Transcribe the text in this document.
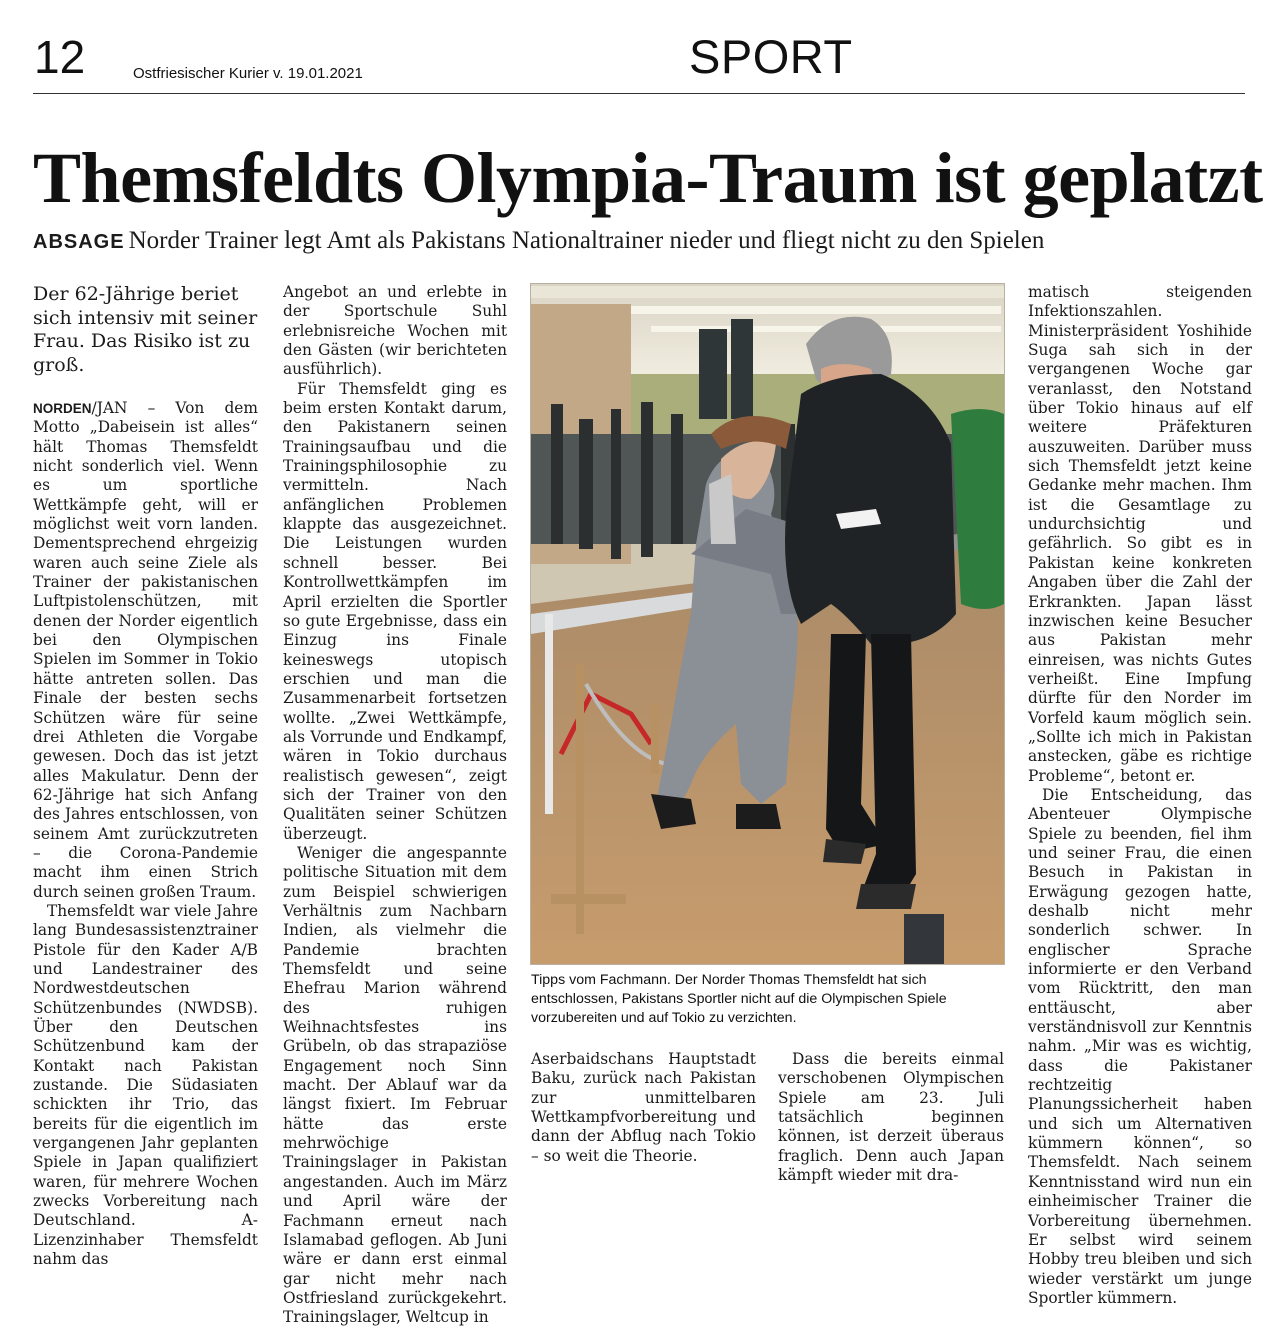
12	Ostfriesischer Kurier v. 19.01.2021	SPORT
Themsfeldts Olympia-Traum ist geplatzt
ABSAGE Norder Trainer legt Amt als Pakistans Nationaltrainer nieder und fliegt nicht zu den Spielen

Der 62-Jährige beriet sich intensiv mit seiner Frau. Das Risiko ist zu groß.

NORDEN/JAN – Von dem Motto „Dabeisein ist alles“ hält Thomas Themsfeldt nicht sonderlich viel. Wenn es um sportliche Wettkämpfe geht, will er möglichst weit vorn landen. Dementsprechend ehrgeizig waren auch seine Ziele als Trainer der pakistanischen Luftpistolenschützen, mit denen der Norder eigentlich bei den Olympischen Spielen im Sommer in Tokio hätte antreten sollen. Das Finale der besten sechs Schützen wäre für seine drei Athleten die Vorgabe gewesen. Doch das ist jetzt alles Makulatur. Denn der 62-Jährige hat sich Anfang des Jahres entschlossen, von seinem Amt zurückzutreten – die Corona-Pandemie macht ihm einen Strich durch seinen großen Traum.

Themsfeldt war viele Jahre lang Bundesassistenztrainer Pistole für den Kader A/B und Landestrainer des Nordwestdeutschen Schützenbundes (NWDSB). Über den Deutschen Schützenbund kam der Kontakt nach Pakistan zustande. Die Südasiaten schickten ihr Trio, das bereits für die eigentlich im vergangenen Jahr geplanten Spiele in Japan qualifiziert waren, für mehrere Wochen zwecks Vorbereitung nach Deutschland. A-Lizenzinhaber Themsfeldt nahm das

Angebot an und erlebte in der Sportschule Suhl erlebnisreiche Wochen mit den Gästen (wir berichteten ausführlich).

Für Themsfeldt ging es beim ersten Kontakt darum, den Pakistanern seinen Trainingsaufbau und die Trainingsphilosophie zu vermitteln. Nach anfänglichen Problemen klappte das ausgezeichnet. Die Leistungen wurden schnell besser. Bei Kontrollwettkämpfen im April erzielten die Sportler so gute Ergebnisse, dass ein Einzug ins Finale keineswegs utopisch erschien und man die Zusammenarbeit fortsetzen wollte. „Zwei Wettkämpfe, als Vorrunde und Endkampf, wären in Tokio durchaus realistisch gewesen“, zeigt sich der Trainer von den Qualitäten seiner Schützen überzeugt.

Weniger die angespannte politische Situation mit dem zum Beispiel schwierigen Verhältnis zum Nachbarn Indien, als vielmehr die Pandemie brachten Themsfeldt und seine Ehefrau Marion während des ruhigen Weihnachtsfestes ins Grübeln, ob das strapaziöse Engagement noch Sinn macht. Der Ablauf war da längst fixiert. Im Februar hätte das erste mehrwöchige Trainingslager in Pakistan angestanden. Auch im März und April wäre der Fachmann erneut nach Islamabad geflogen. Ab Juni wäre er dann erst einmal gar nicht mehr nach Ostfriesland zurückgekehrt. Trainingslager, Weltcup in

Tipps vom Fachmann. Der Norder Thomas Themsfeldt hat sich entschlossen, Pakistans Sportler nicht auf die Olympischen Spiele vorzubereiten und auf Tokio zu verzichten.

Aserbaidschans Hauptstadt Baku, zurück nach Pakistan zur unmittelbaren Wettkampfvorbereitung und dann der Abflug nach Tokio – so weit die Theorie.

Dass die bereits einmal verschobenen Olympischen Spiele am 23. Juli tatsächlich beginnen können, ist derzeit überaus fraglich. Denn auch Japan kämpft wieder mit dra-

matisch steigenden Infektionszahlen. Ministerpräsident Yoshihide Suga sah sich in der vergangenen Woche gar veranlasst, den Notstand über Tokio hinaus auf elf weitere Präfekturen auszuweiten. Darüber muss sich Themsfeldt jetzt keine Gedanke mehr machen. Ihm ist die Gesamtlage zu undurchsichtig und gefährlich. So gibt es in Pakistan keine konkreten Angaben über die Zahl der Erkrankten. Japan lässt inzwischen keine Besucher aus Pakistan mehr einreisen, was nichts Gutes verheißt. Eine Impfung dürfte für den Norder im Vorfeld kaum möglich sein. „Sollte ich mich in Pakistan anstecken, gäbe es richtige Probleme“, betont er.

Die Entscheidung, das Abenteuer Olympische Spiele zu beenden, fiel ihm und seiner Frau, die einen Besuch in Pakistan in Erwägung gezogen hatte, deshalb nicht mehr sonderlich schwer. In englischer Sprache informierte er den Verband vom Rücktritt, den man enttäuscht, aber verständnisvoll zur Kenntnis nahm. „Mir was es wichtig, dass die Pakistaner rechtzeitig Planungssicherheit haben und sich um Alternativen kümmern können“, so Themsfeldt. Nach seinem Kenntnisstand wird nun ein einheimischer Trainer die Vorbereitung übernehmen. Er selbst wird seinem Hobby treu bleiben und sich wieder verstärkt um junge Sportler kümmern.
